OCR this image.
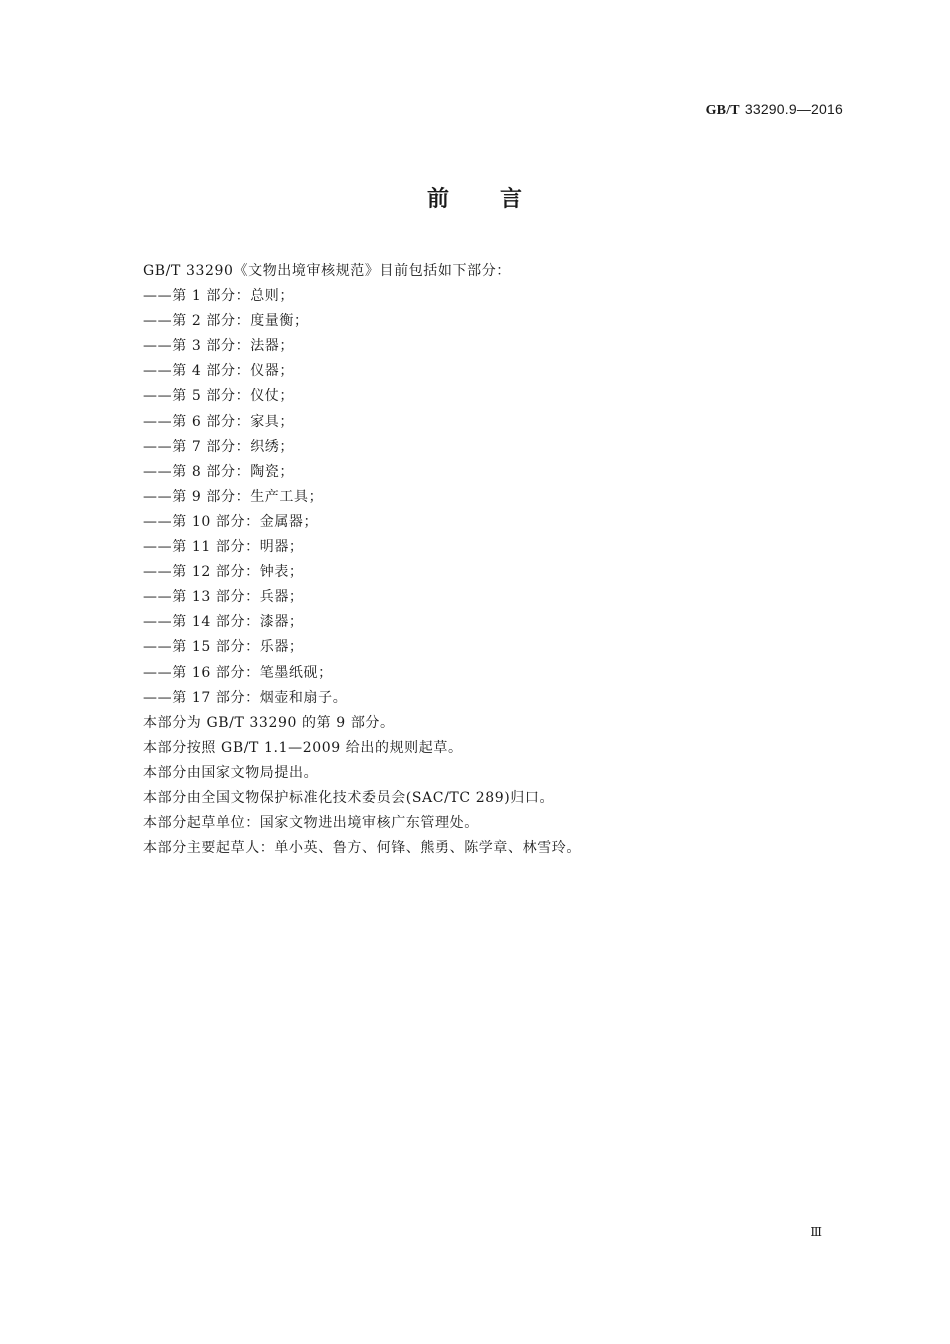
GB/T 33290.9—2016
前 言
GB/T 33290《文物出境审核规范》目前包括如下部分：
——第 1 部分：总则；
——第 2 部分：度量衡；
——第 3 部分：法器；
——第 4 部分：仪器；
——第 5 部分：仪仗；
——第 6 部分：家具；
——第 7 部分：织绣；
——第 8 部分：陶瓷；
——第 9 部分：生产工具；
——第 10 部分：金属器；
——第 11 部分：明器；
——第 12 部分：钟表；
——第 13 部分：兵器；
——第 14 部分：漆器；
——第 15 部分：乐器；
——第 16 部分：笔墨纸砚；
——第 17 部分：烟壶和扇子。
本部分为 GB/T 33290 的第 9 部分。
本部分按照 GB/T 1.1—2009 给出的规则起草。
本部分由国家文物局提出。
本部分由全国文物保护标准化技术委员会(SAC/TC 289)归口。
本部分起草单位：国家文物进出境审核广东管理处。
本部分主要起草人：单小英、鲁方、何锋、熊勇、陈学章、林雪玲。
Ⅲ
